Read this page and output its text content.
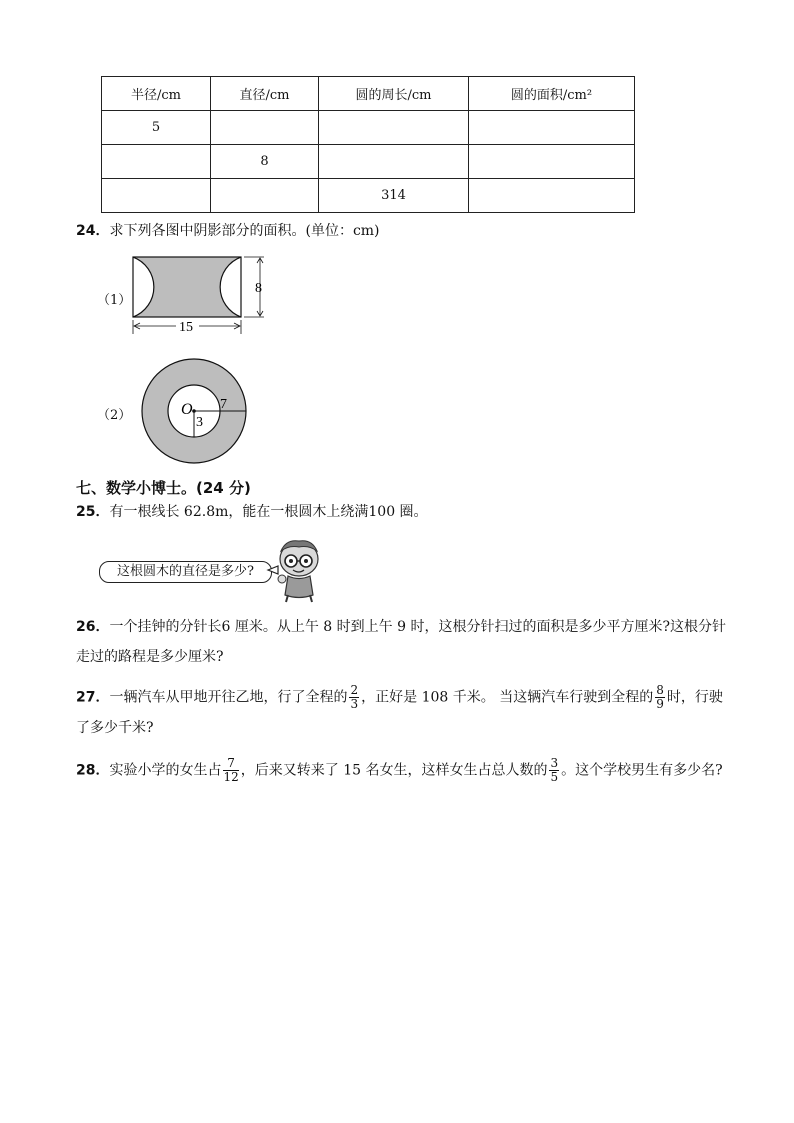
半径/cm	直径/cm	圆的周长/cm	圆的面积/cm²
5			
	8		
		314	
24．求下列各图中阴影部分的面积。(单位：cm)
（1）
8
15
（2）	O
3
7
七、数学小博士。(24 分)
25．有一根线长 62.8m，能在一根圆木上绕满100 圈。
这根圆木的直径是多少?
26．一个挂钟的分针长6 厘米。从上午 8 时到上午 9 时，这根分针扫过的面积是多少平方厘米?这根分针
走过的路程是多少厘米?
27．一辆汽车从甲地开往乙地，行了全程的 $\frac{2}{3}$ ，正好是 108 千米。 当这辆汽车行驶到全程的 $\frac{8}{9}$ 时，行驶
了多少千米?
28．实验小学的女生占 $\frac{7}{12}$ ，后来又转来了 15 名女生，这样女生占总人数的 $\frac{3}{5}$ 。这个学校男生有多少名?
